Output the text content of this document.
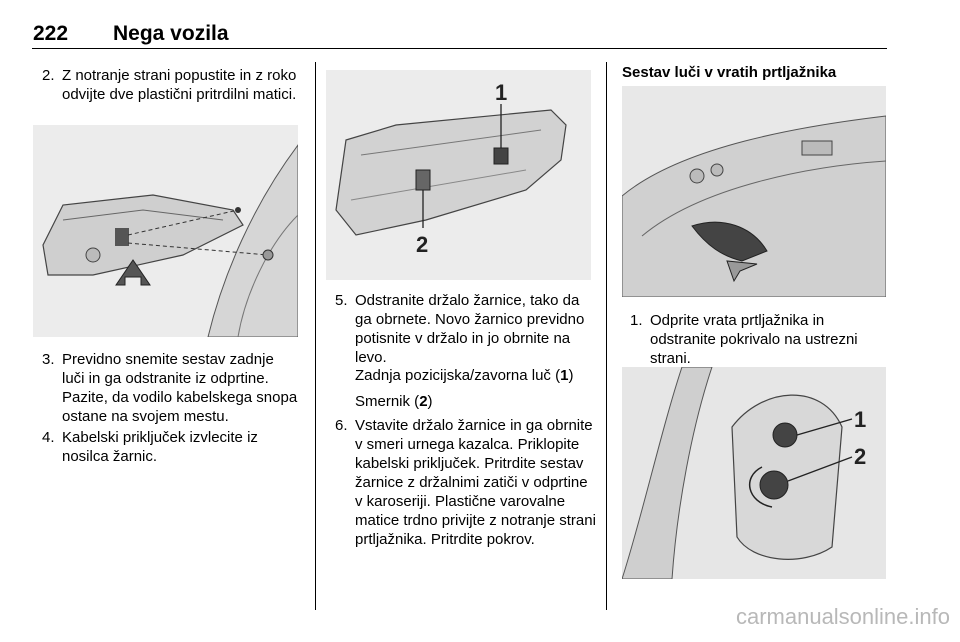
222 Nega vozila
2. Z notranje strani popustite in z roko odvijte dve plastični pritrdilni matici.
3. Previdno snemite sestav zadnje luči in ga odstranite iz odprtine. Pazite, da vodilo kabelskega snopa ostane na svojem mestu.
4. Kabelski priključek izvlecite iz nosilca žarnic.
1
2
5. Odstranite držalo žarnice, tako da ga obrnete. Novo žarnico previdno potisnite v držalo in jo obrnite na levo.
Zadnja pozicijska/zavorna luč (1)
Smernik (2)
6. Vstavite držalo žarnice in ga obrnite v smeri urnega kazalca. Priklopite kabelski priključek. Pritrdite sestav žarnice z držalnimi zatiči v odprtine v karoseriji. Plastične varovalne matice trdno privijte z notranje strani prtljažnika. Pritrdite pokrov.
Sestav luči v vratih prtljažnika
1. Odprite vrata prtljažnika in odstranite pokrivalo na ustrezni strani.
1
2
carmanualsonline.info
